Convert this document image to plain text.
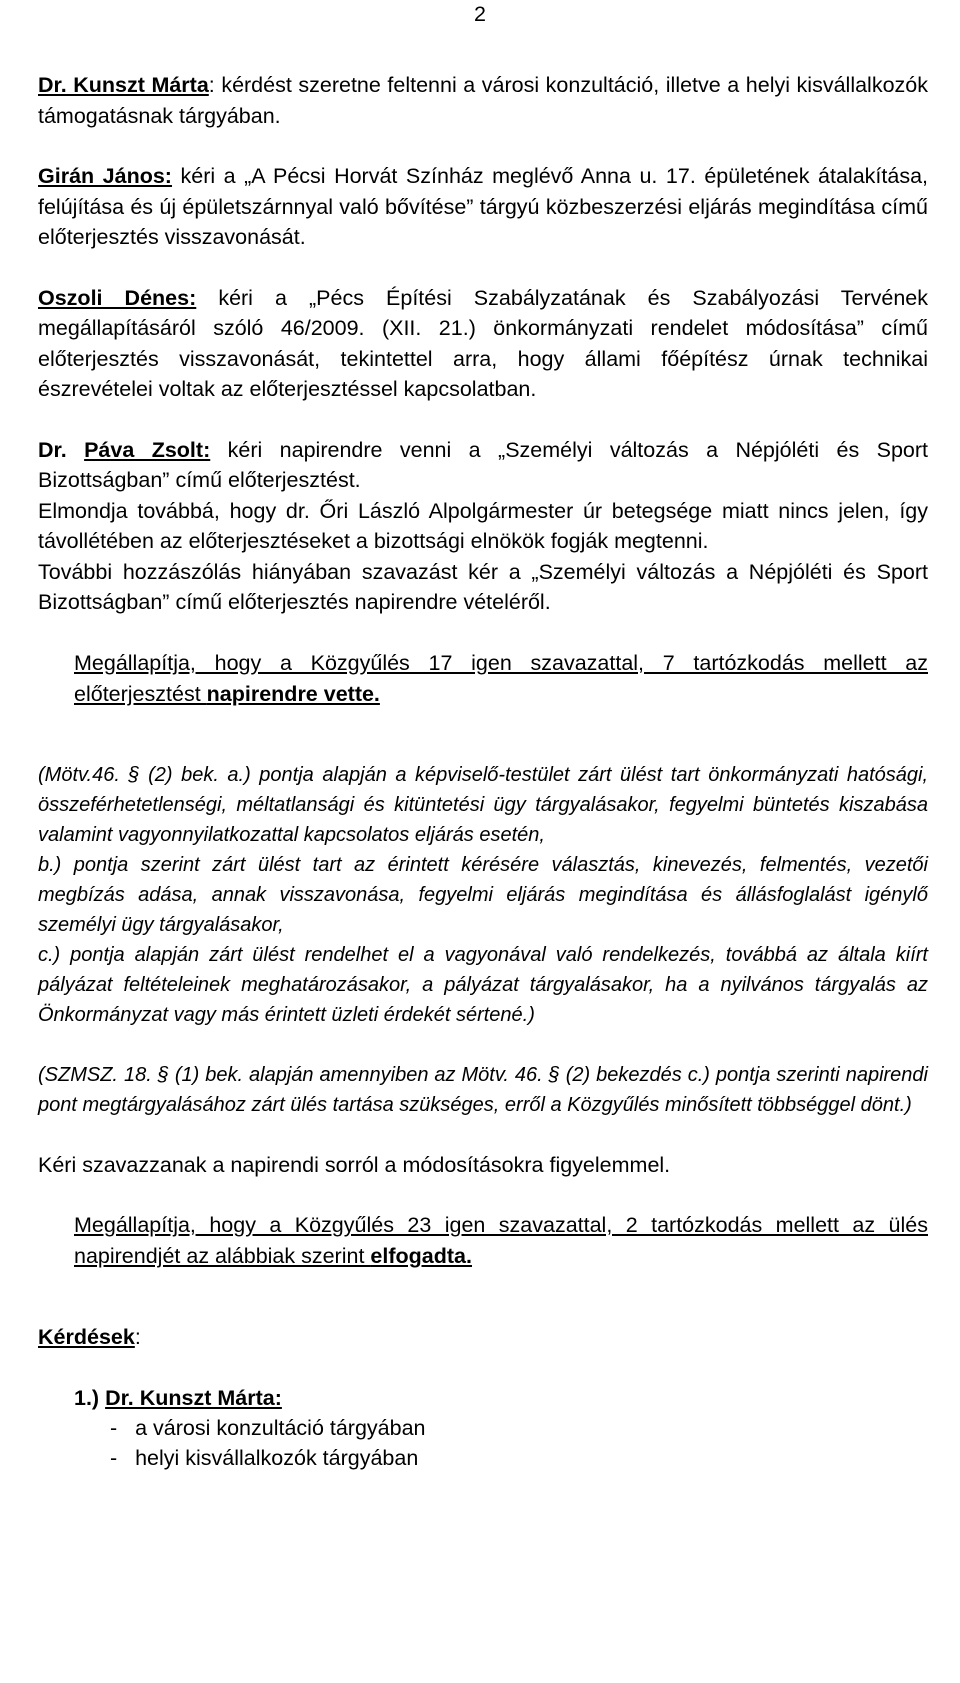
2

Dr. Kunszt Márta: kérdést szeretne feltenni a városi konzultáció, illetve a helyi kisvállalkozók támogatásnak tárgyában.

Girán János: kéri a „A Pécsi Horvát Színház meglévő Anna u. 17. épületének átalakítása, felújítása és új épületszárnnyal való bővítése” tárgyú közbeszerzési eljárás megindítása című előterjesztés visszavonását.

Oszoli Dénes: kéri a „Pécs Építési Szabályzatának és Szabályozási Tervének megállapításáról szóló 46/2009. (XII. 21.) önkormányzati rendelet módosítása” című előterjesztés visszavonását, tekintettel arra, hogy állami főépítész úrnak technikai észrevételei voltak az előterjesztéssel kapcsolatban.

Dr. Páva Zsolt: kéri napirendre venni a „Személyi változás a Népjóléti és Sport Bizottságban” című előterjesztést.

Elmondja továbbá, hogy dr. Őri László Alpolgármester úr betegsége miatt nincs jelen, így távollétében az előterjesztéseket a bizottsági elnökök fogják megtenni.

További hozzászólás hiányában szavazást kér a „Személyi változás a Népjóléti és Sport Bizottságban” című előterjesztés napirendre vételéről.

Megállapítja, hogy a Közgyűlés 17 igen szavazattal, 7 tartózkodás mellett az előterjesztést napirendre vette.

(Mötv.46. § (2) bek. a.) pontja alapján a képviselő-testület zárt ülést tart önkormányzati hatósági, összeférhetetlenségi, méltatlansági és kitüntetési ügy tárgyalásakor, fegyelmi büntetés kiszabása valamint vagyonnyilatkozattal kapcsolatos eljárás esetén,

b.) pontja szerint zárt ülést tart az érintett kérésére választás, kinevezés, felmentés, vezetői megbízás adása, annak visszavonása, fegyelmi eljárás megindítása és állásfoglalást igénylő személyi ügy tárgyalásakor,

c.) pontja alapján zárt ülést rendelhet el a vagyonával való rendelkezés, továbbá az általa kiírt pályázat feltételeinek meghatározásakor, a pályázat tárgyalásakor, ha a nyilvános tárgyalás az Önkormányzat vagy más érintett üzleti érdekét sértené.)

(SZMSZ. 18. § (1) bek. alapján amennyiben az Mötv. 46. § (2) bekezdés c.) pontja szerinti napirendi pont megtárgyalásához zárt ülés tartása szükséges, erről a Közgyűlés minősített többséggel dönt.)

Kéri szavazzanak a napirendi sorról a módosításokra figyelemmel.

Megállapítja, hogy a Közgyűlés 23 igen szavazattal, 2 tartózkodás mellett az ülés napirendjét az alábbiak szerint elfogadta.

Kérdések:

1.) Dr. Kunszt Márta:

-   a városi konzultáció tárgyában

-   helyi kisvállalkozók tárgyában
